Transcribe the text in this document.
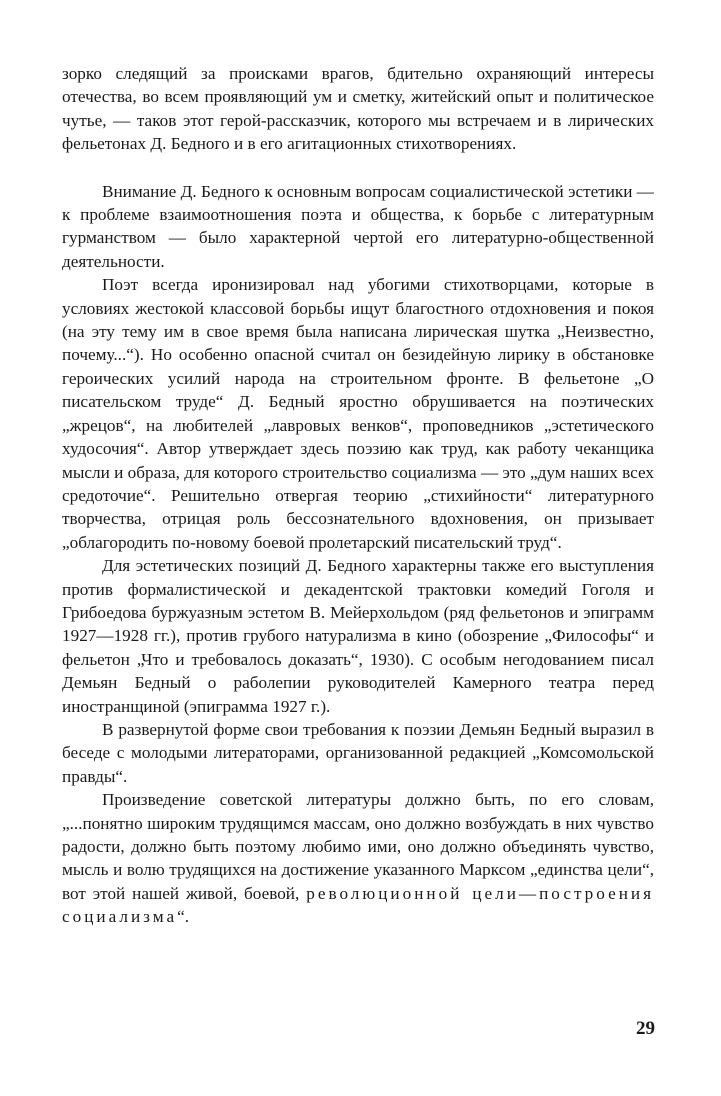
зорко следящий за происками врагов, бдительно охраняющий интересы отечества, во всем проявляющий ум и сметку, житейский опыт и политическое чутье, — таков этот герой-рассказчик, которого мы встречаем и в лирических фельетонах Д. Бедного и в его агитационных стихотворениях.

Внимание Д. Бедного к основным вопросам социалистической эстетики — к проблеме взаимоотношения поэта и общества, к борьбе с литературным гурманством — было характерной чертой его литературно-общественной деятельности.

Поэт всегда иронизировал над убогими стихотворцами, которые в условиях жестокой классовой борьбы ищут благостного отдохновения и покоя (на эту тему им в свое время была написана лирическая шутка „Неизвестно, почему...“). Но особенно опасной считал он безидейную лирику в обстановке героических усилий народа на строительном фронте. В фельетоне „О писательском труде“ Д. Бедный яростно обрушивается на поэтических „жрецов“, на любителей „лавровых венков“, проповедников „эстетического худосочия“. Автор утверждает здесь поэзию как труд, как работу чеканщика мысли и образа, для которого строительство социализма — это „дум наших всех средоточие“. Решительно отвергая теорию „стихийности“ литературного творчества, отрицая роль бессознательного вдохновения, он призывает „облагородить по-новому боевой пролетарский писательский труд“.

Для эстетических позиций Д. Бедного характерны также его выступления против формалистической и декадентской трактовки комедий Гоголя и Грибоедова буржуазным эстетом В. Мейерхольдом (ряд фельетонов и эпиграмм 1927—1928 гг.), против грубого натурализма в кино (обозрение „Философы“ и фельетон „Что и требовалось доказать“, 1930). С особым негодованием писал Демьян Бедный о раболепии руководителей Камерного театра перед иностранщиной (эпиграмма 1927 г.).

В развернутой форме свои требования к поэзии Демьян Бедный выразил в беседе с молодыми литераторами, организованной редакцией „Комсомольской правды“.

Произведение советской литературы должно быть, по его словам, „...понятно широким трудящимся массам, оно должно возбуждать в них чувство радости, должно быть поэтому любимо ими, оно должно объединять чувство, мысль и волю трудящихся на достижение указанного Марксом „единства цели“, вот этой нашей живой, боевой, революционной цели—построения социализма“.

29
